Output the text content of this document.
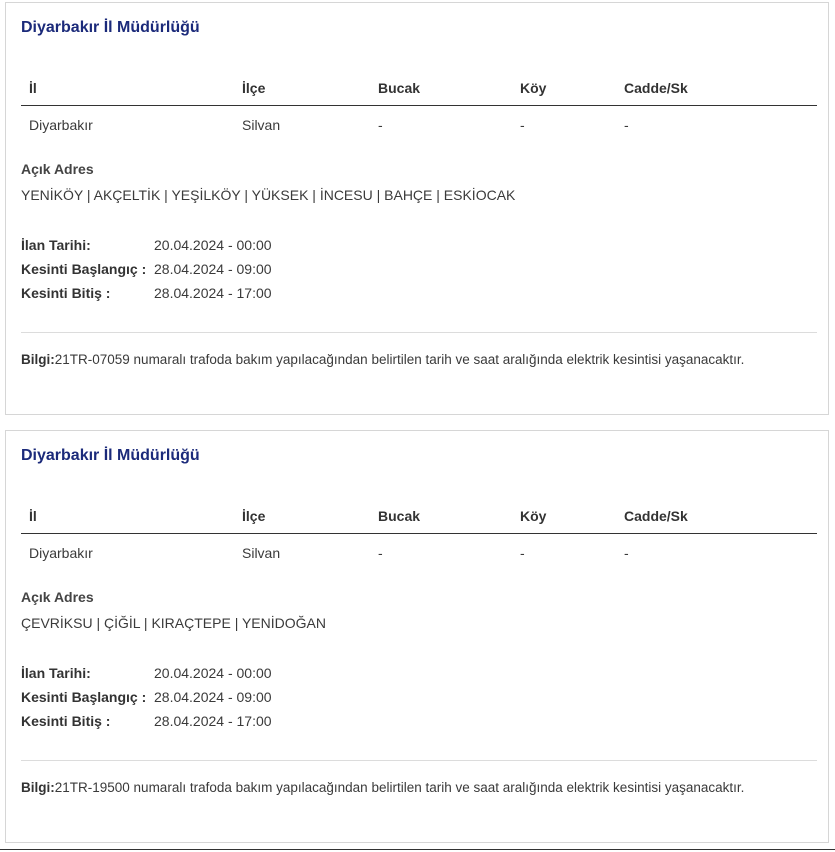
Diyarbakır İl Müdürlüğü
İl	İlçe	Bucak	Köy	Cadde/Sk
Diyarbakır	Silvan	-	-	-
Açık Adres
YENİKÖY | AKÇELTİK | YEŞİLKÖY | YÜKSEK | İNCESU | BAHÇE | ESKİOCAK
İlan Tarihi:	20.04.2024 - 00:00
Kesinti Başlangıç : 28.04.2024 - 09:00
Kesinti Bitiş :	28.04.2024 - 17:00
Bilgi:21TR-07059 numaralı trafoda bakım yapılacağından belirtilen tarih ve saat aralığında elektrik kesintisi yaşanacaktır.
Diyarbakır İl Müdürlüğü
İl	İlçe	Bucak	Köy	Cadde/Sk
Diyarbakır	Silvan	-	-	-
Açık Adres
ÇEVRİKSU | ÇİĞİL | KIRAÇTEPE | YENİDOĞAN
İlan Tarihi:	20.04.2024 - 00:00
Kesinti Başlangıç : 28.04.2024 - 09:00
Kesinti Bitiş :	28.04.2024 - 17:00
Bilgi:21TR-19500 numaralı trafoda bakım yapılacağından belirtilen tarih ve saat aralığında elektrik kesintisi yaşanacaktır.
